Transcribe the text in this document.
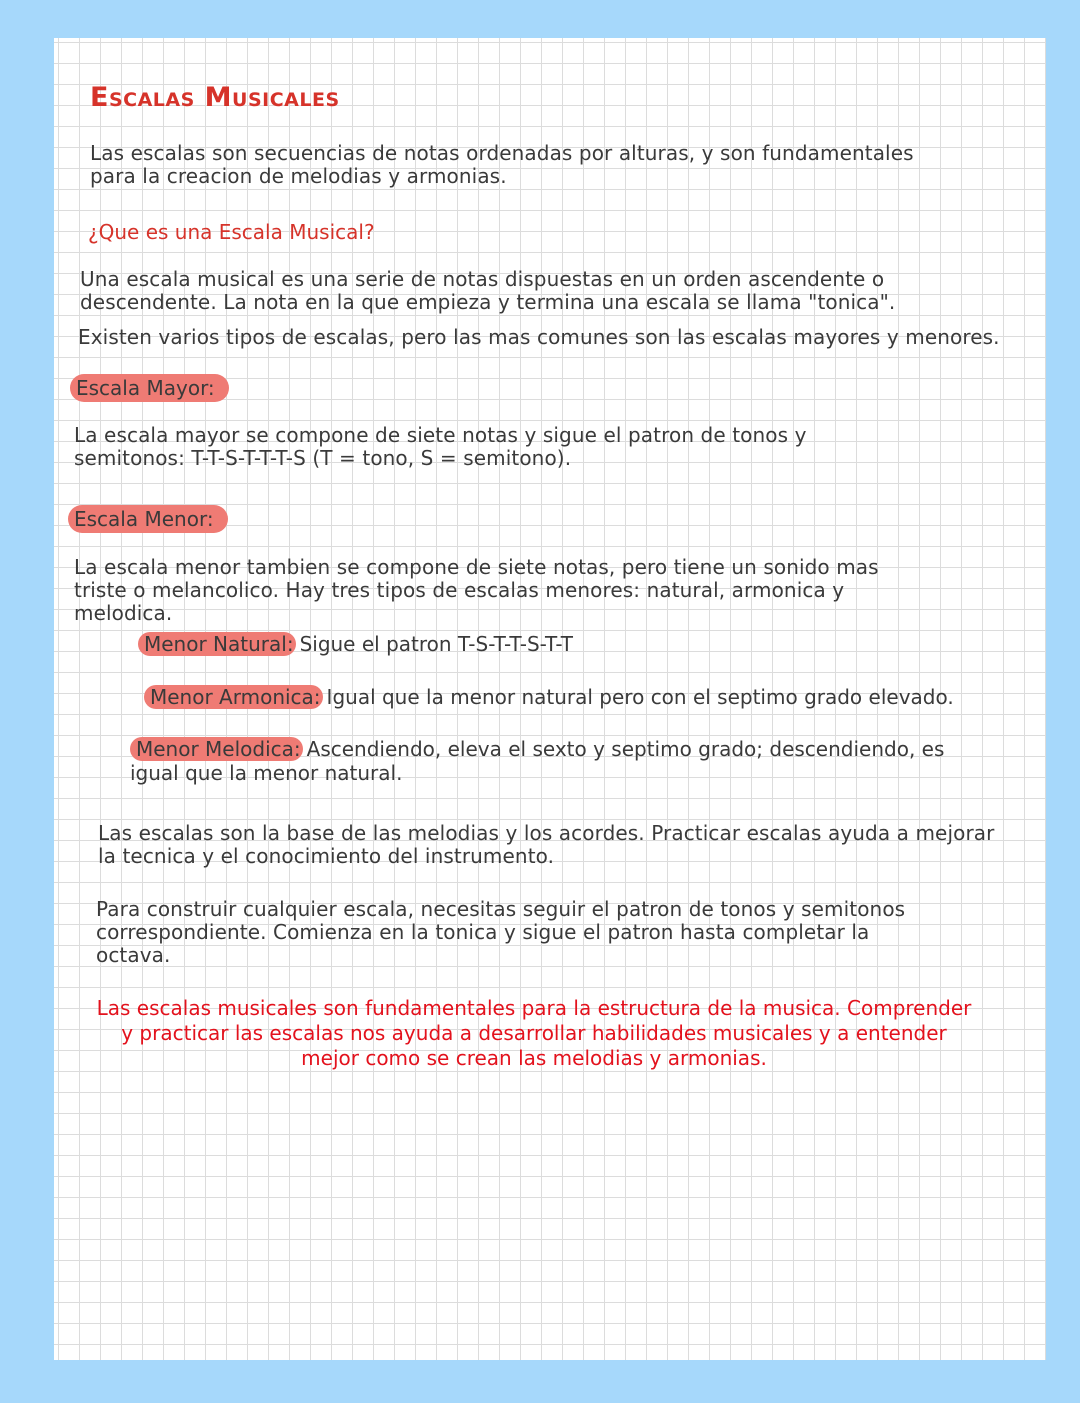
Escalas Musicales
Las escalas son secuencias de notas ordenadas por alturas, y son fundamentales para la creacion de melodias y armonias.
¿Que es una Escala Musical?
Una escala musical es una serie de notas dispuestas en un orden ascendente o descendente. La nota en la que empieza y termina una escala se llama "tonica".
Existen varios tipos de escalas, pero las mas comunes son las escalas mayores y menores.
Escala Mayor:
La escala mayor se compone de siete notas y sigue el patron de tonos y semitonos: T-T-S-T-T-T-S (T = tono, S = semitono).
Escala Menor:
La escala menor tambien se compone de siete notas, pero tiene un sonido mas triste o melancolico. Hay tres tipos de escalas menores: natural, armonica y melodica.
Menor Natural: Sigue el patron T-S-T-T-S-T-T
Menor Armonica: Igual que la menor natural pero con el septimo grado elevado.
Menor Melodica: Ascendiendo, eleva el sexto y septimo grado; descendiendo, es igual que la menor natural.
Las escalas son la base de las melodias y los acordes. Practicar escalas ayuda a mejorar la tecnica y el conocimiento del instrumento.
Para construir cualquier escala, necesitas seguir el patron de tonos y semitonos correspondiente. Comienza en la tonica y sigue el patron hasta completar la octava.
Las escalas musicales son fundamentales para la estructura de la musica. Comprender y practicar las escalas nos ayuda a desarrollar habilidades musicales y a entender mejor como se crean las melodias y armonias.
